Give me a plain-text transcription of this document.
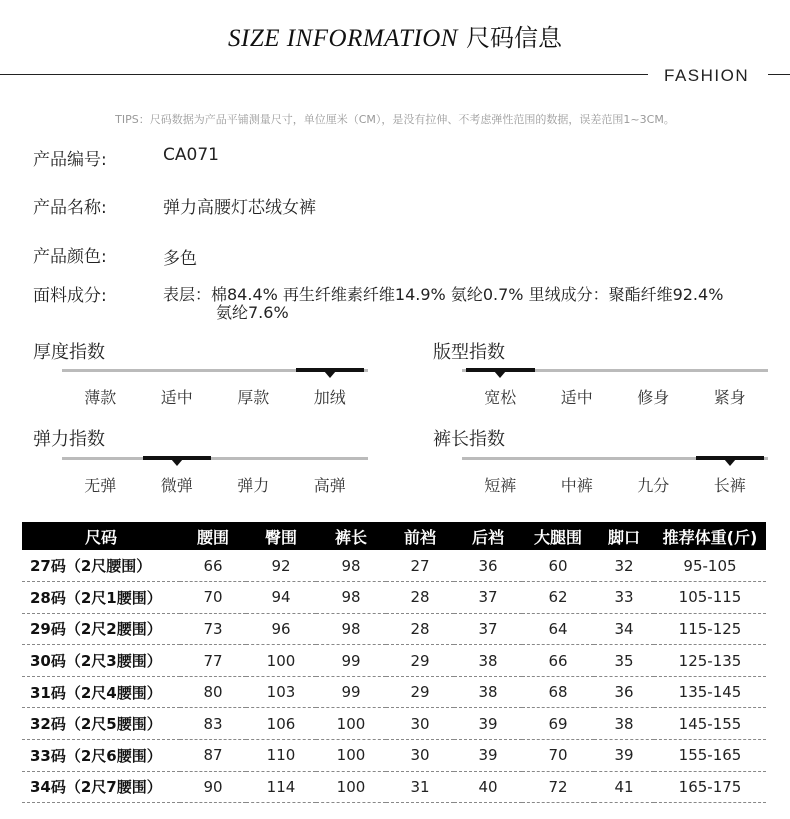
SIZE INFORMATION 尺码信息
FASHION
TIPS：尺码数据为产品平铺测量尺寸，单位厘米（CM），是没有拉伸、不考虑弹性范围的数据，误差范围1~3CM。
产品编号:	CA071
产品名称:	弹力高腰灯芯绒女裤
产品颜色:	多色
面料成分:	表层：棉84.4% 再生纤维素纤维14.9% 氨纶0.7% 里绒成分：聚酯纤维92.4%
氨纶7.6%
厚度指数
薄款	适中	厚款	加绒
版型指数
宽松	适中	修身	紧身
弹力指数
无弹	微弹	弹力	高弹
裤长指数
短裤	中裤	九分	长裤
尺码	腰围	臀围	裤长	前裆	后裆	大腿围	脚口	推荐体重(斤)
27码（2尺腰围）	66	92	98	27	36	60	32	95-105
28码（2尺1腰围）	70	94	98	28	37	62	33	105-115
29码（2尺2腰围）	73	96	98	28	37	64	34	115-125
30码（2尺3腰围）	77	100	99	29	38	66	35	125-135
31码（2尺4腰围）	80	103	99	29	38	68	36	135-145
32码（2尺5腰围）	83	106	100	30	39	69	38	145-155
33码（2尺6腰围）	87	110	100	30	39	70	39	155-165
34码（2尺7腰围）	90	114	100	31	40	72	41	165-175
